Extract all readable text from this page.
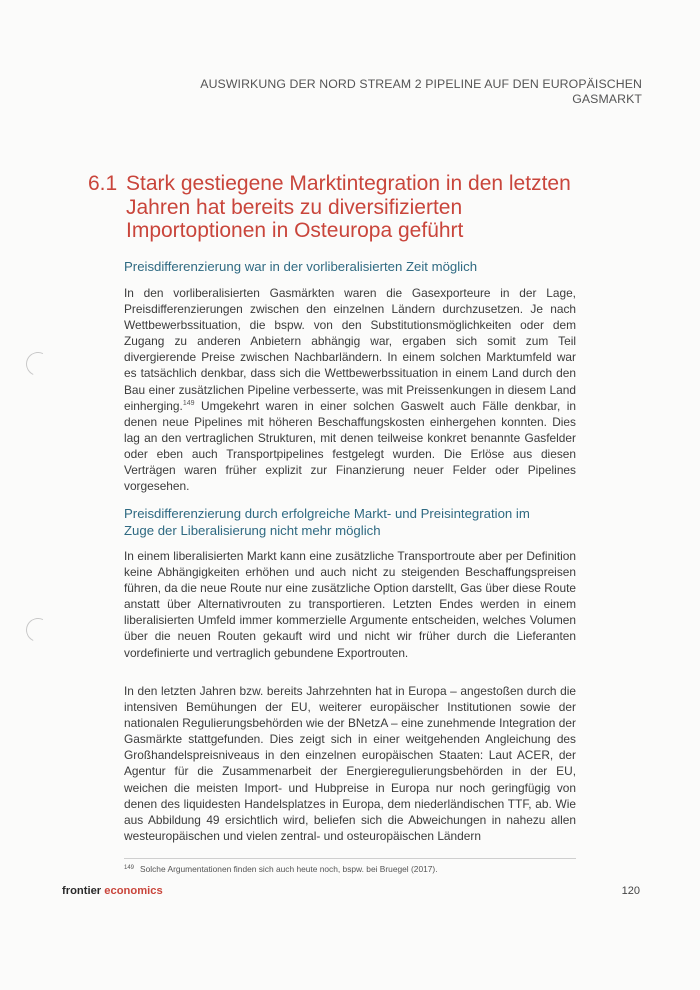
AUSWIRKUNG DER NORD STREAM 2 PIPELINE AUF DEN EUROPÄISCHEN GASMARKT
6.1 Stark gestiegene Marktintegration in den letzten Jahren hat bereits zu diversifizierten Importoptionen in Osteuropa geführt
Preisdifferenzierung war in der vorliberalisierten Zeit möglich

In den vorliberalisierten Gasmärkten waren die Gasexporteure in der Lage, Preisdifferenzierungen zwischen den einzelnen Ländern durchzusetzen. Je nach Wettbewerbssituation, die bspw. von den Substitutionsmöglichkeiten oder dem Zugang zu anderen Anbietern abhängig war, ergaben sich somit zum Teil divergierende Preise zwischen Nachbarländern. In einem solchen Marktumfeld war es tatsächlich denkbar, dass sich die Wettbewerbssituation in einem Land durch den Bau einer zusätzlichen Pipeline verbesserte, was mit Preissenkungen in diesem Land einherging.$^{149}$ Umgekehrt waren in einer solchen Gaswelt auch Fälle denkbar, in denen neue Pipelines mit höheren Beschaffungskosten einhergehen konnten. Dies lag an den vertraglichen Strukturen, mit denen teilweise konkret benannte Gasfelder oder eben auch Transportpipelines festgelegt wurden. Die Erlöse aus diesen Verträgen waren früher explizit zur Finanzierung neuer Felder oder Pipelines vorgesehen.

Preisdifferenzierung durch erfolgreiche Markt- und Preisintegration im Zuge der Liberalisierung nicht mehr möglich

In einem liberalisierten Markt kann eine zusätzliche Transportroute aber per Definition keine Abhängigkeiten erhöhen und auch nicht zu steigenden Beschaffungspreisen führen, da die neue Route nur eine zusätzliche Option darstellt, Gas über diese Route anstatt über Alternativrouten zu transportieren. Letzten Endes werden in einem liberalisierten Umfeld immer kommerzielle Argumente entscheiden, welches Volumen über die neuen Routen gekauft wird und nicht wir früher durch die Lieferanten vordefinierte und vertraglich gebundene Exportrouten.

In den letzten Jahren bzw. bereits Jahrzehnten hat in Europa – angestoßen durch die intensiven Bemühungen der EU, weiterer europäischer Institutionen sowie der nationalen Regulierungsbehörden wie der BNetzA – eine zunehmende Integration der Gasmärkte stattgefunden. Dies zeigt sich in einer weitgehenden Angleichung des Großhandelspreisniveaus in den einzelnen europäischen Staaten: Laut ACER, der Agentur für die Zusammenarbeit der Energieregulierungsbehörden in der EU, weichen die meisten Import- und Hubpreise in Europa nur noch geringfügig von denen des liquidesten Handelsplatzes in Europa, dem niederländischen TTF, ab. Wie aus Abbildung 49 ersichtlich wird, beliefen sich die Abweichungen in nahezu allen westeuropäischen und vielen zentral- und osteuropäischen Ländern

$^{149}$ Solche Argumentationen finden sich auch heute noch, bspw. bei Bruegel (2017).
frontier economics	120
